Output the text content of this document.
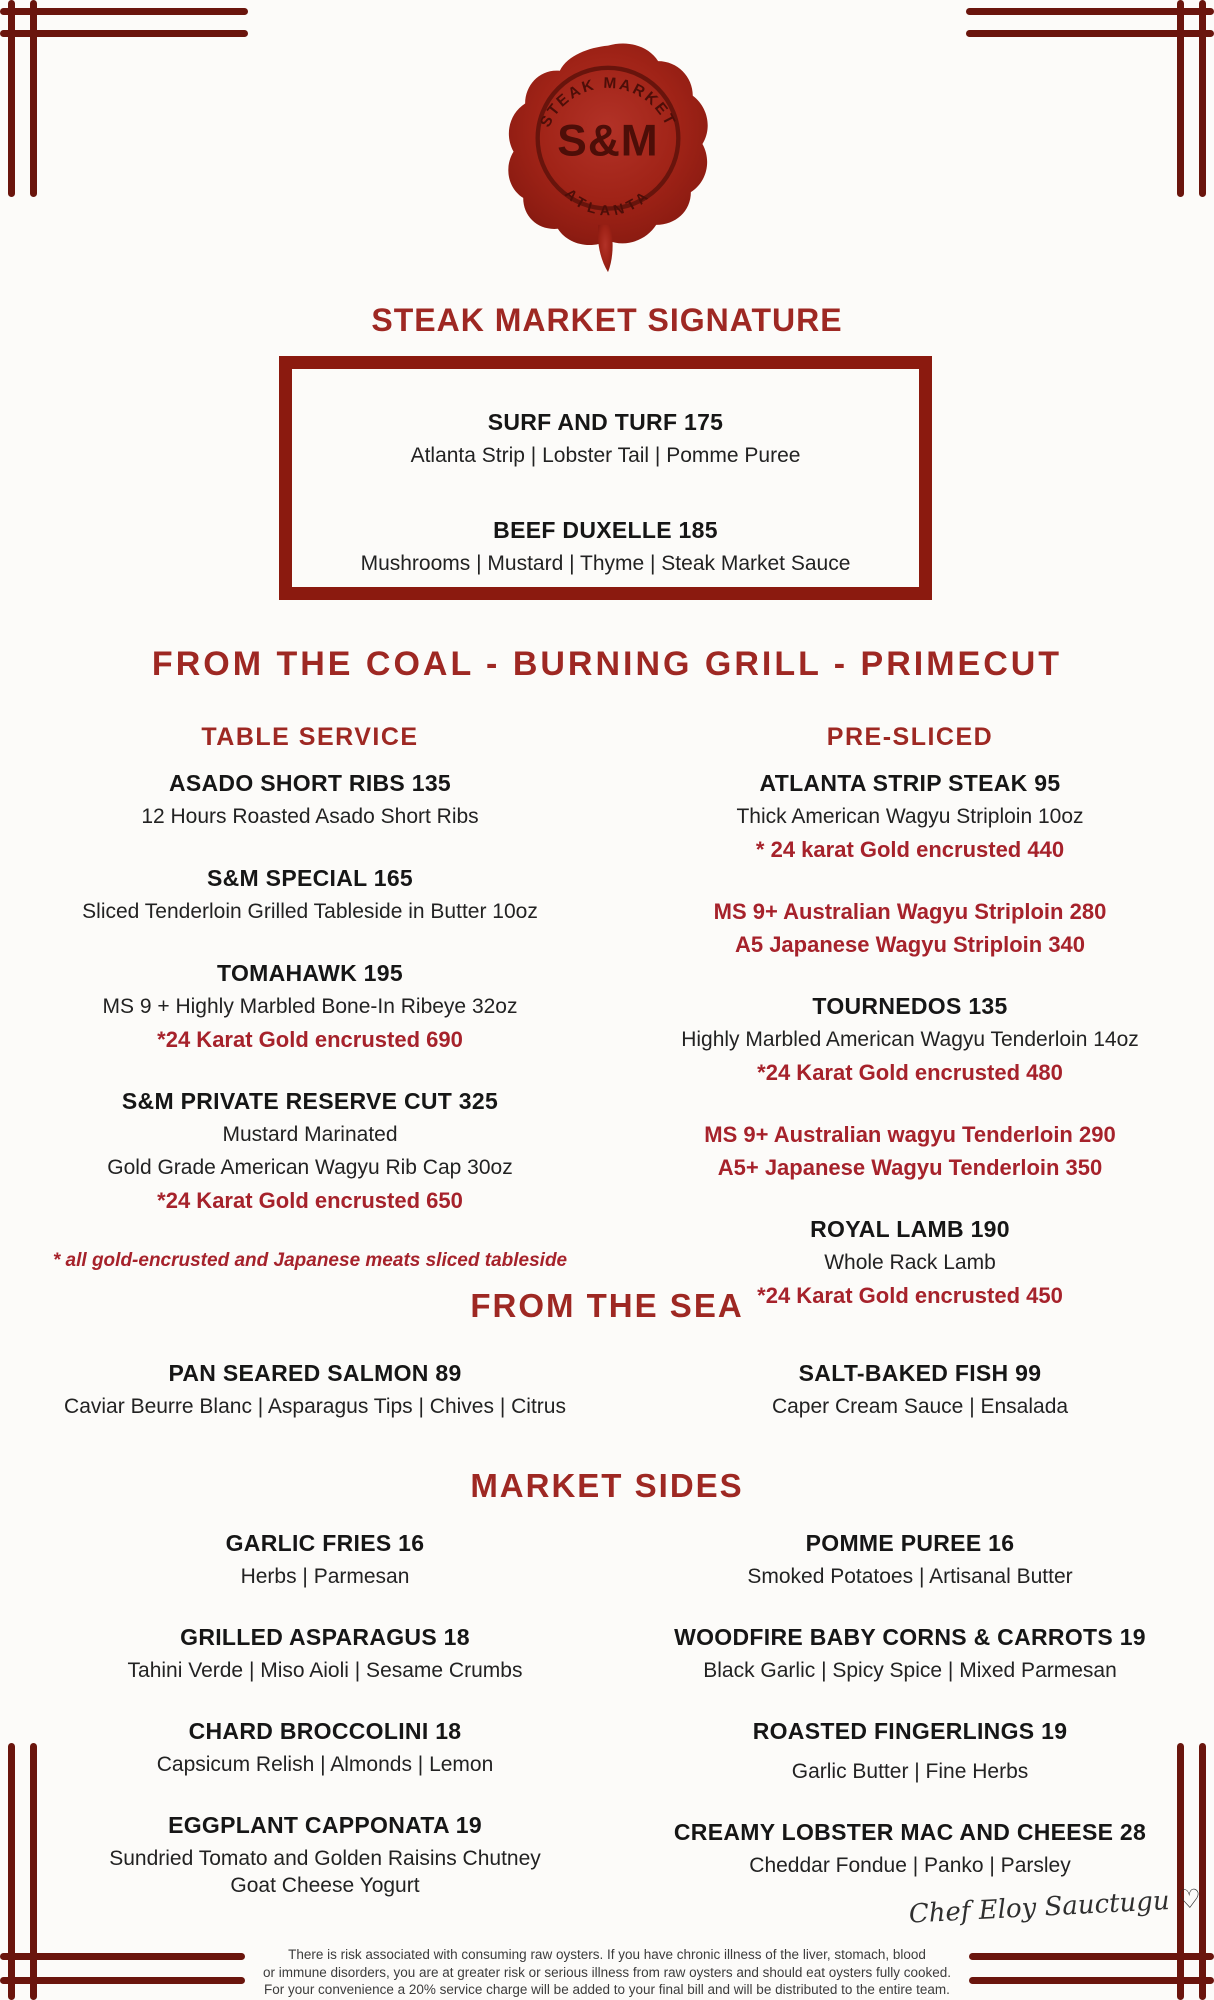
STEAK MARKET
S&M
ATLANTA
STEAK MARKET SIGNATURE
SURF AND TURF 175
Atlanta Strip | Lobster Tail | Pomme Puree
BEEF DUXELLE 185
Mushrooms | Mustard | Thyme | Steak Market Sauce
FROM THE COAL - BURNING GRILL - PRIMECUT
TABLE SERVICE
ASADO SHORT RIBS 135
12 Hours Roasted Asado Short Ribs
S&M SPECIAL 165
Sliced Tenderloin Grilled Tableside in Butter 10oz
TOMAHAWK 195
MS 9 + Highly Marbled Bone-In Ribeye 32oz
*24 Karat Gold encrusted 690
S&M PRIVATE RESERVE CUT 325
Mustard Marinated
Gold Grade American Wagyu Rib Cap 30oz
*24 Karat Gold encrusted 650
* all gold-encrusted and Japanese meats sliced tableside
PRE-SLICED
ATLANTA STRIP STEAK 95
Thick American Wagyu Striploin 10oz
* 24 karat Gold encrusted 440
MS 9+ Australian Wagyu Striploin 280
A5 Japanese Wagyu Striploin 340
TOURNEDOS 135
Highly Marbled American Wagyu Tenderloin 14oz
*24 Karat Gold encrusted 480
MS 9+ Australian wagyu Tenderloin 290
A5+ Japanese Wagyu Tenderloin 350
ROYAL LAMB 190
Whole Rack Lamb
*24 Karat Gold encrusted 450
FROM THE SEA
PAN SEARED SALMON 89
Caviar Beurre Blanc | Asparagus Tips | Chives | Citrus
SALT-BAKED FISH 99
Caper Cream Sauce | Ensalada
MARKET SIDES
GARLIC FRIES 16
Herbs | Parmesan
GRILLED ASPARAGUS 18
Tahini Verde | Miso Aioli | Sesame Crumbs
CHARD BROCCOLINI 18
Capsicum Relish | Almonds | Lemon
EGGPLANT CAPPONATA 19
Sundried Tomato and Golden Raisins Chutney
Goat Cheese Yogurt
POMME PUREE 16
Smoked Potatoes | Artisanal Butter
WOODFIRE BABY CORNS & CARROTS 19
Black Garlic | Spicy Spice | Mixed Parmesan
ROASTED FINGERLINGS 19
Garlic Butter | Fine Herbs
CREAMY LOBSTER MAC AND CHEESE 28
Cheddar Fondue | Panko | Parsley
Chef Eloy Sauctugu ♡
There is risk associated with consuming raw oysters. If you have chronic illness of the liver, stomach, blood
or immune disorders, you are at greater risk or serious illness from raw oysters and should eat oysters fully cooked.
For your convenience a 20% service charge will be added to your final bill and will be distributed to the entire team.
